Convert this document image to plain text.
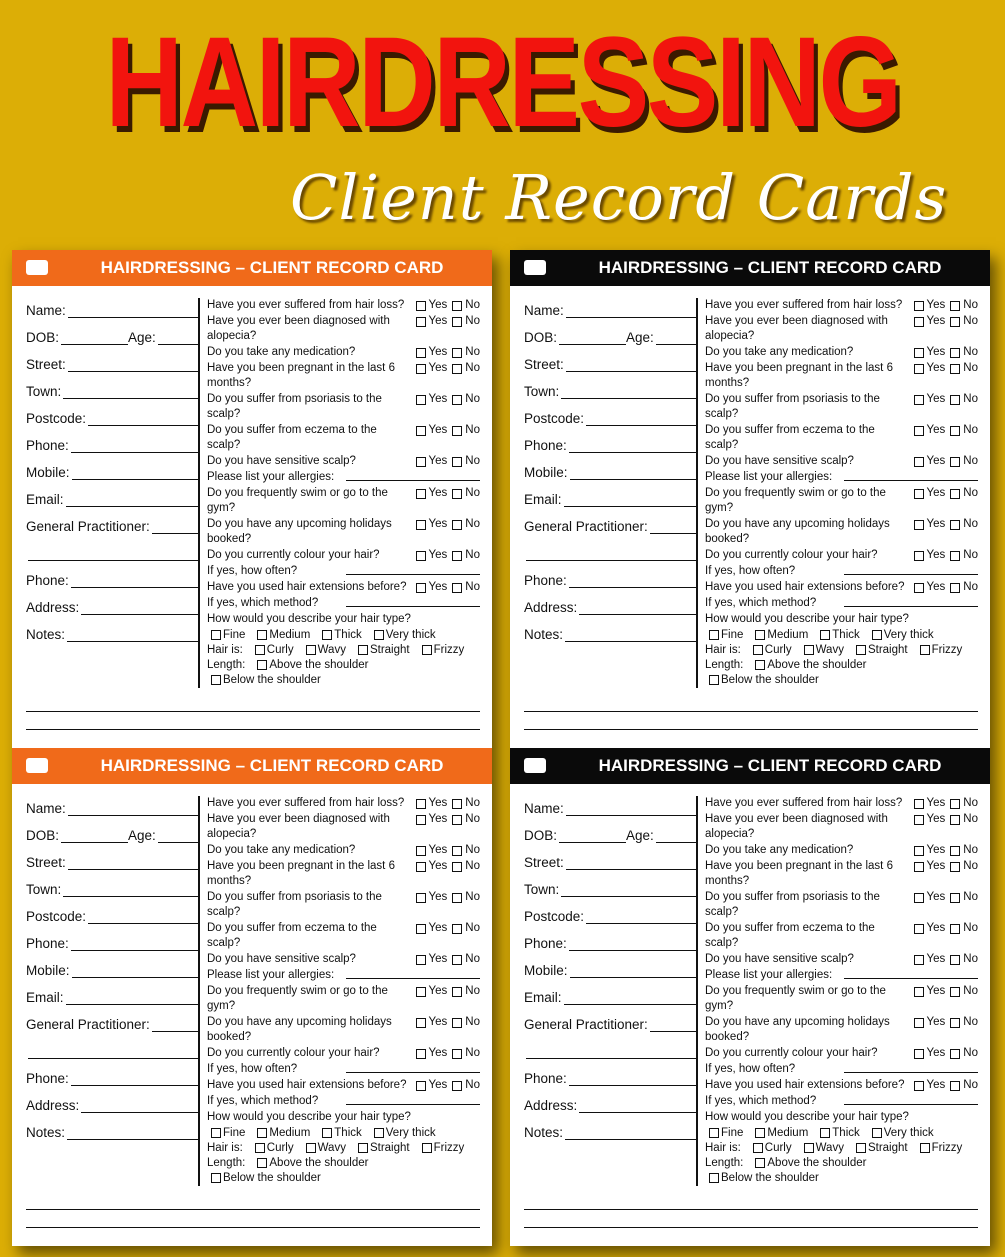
HAIRDRESSING
Client Record Cards
HAIRDRESSING – CLIENT RECORD CARD
Name:
DOB:	Age:
Street:
Town:
Postcode:
Phone:
Mobile:
Email:
General Practitioner:
Phone:
Address:
Notes:
Have you ever suffered from hair loss? Yes No
Have you ever been diagnosed with alopecia?
Yes No
Do you take any medication?	Yes No
Have you been pregnant in the last 6 months?
Yes No
Do you suffer from psoriasis to the scalp?
Yes No
Do you suffer from eczema to the scalp?
Yes No
Do you have sensitive scalp?	Yes No
Please list your allergies:
Do you frequently swim or go to the gym?
Yes No
Do you have any upcoming holidays booked?
Yes No
Do you currently colour your hair?	Yes No
If yes, how often?
Have you used hair extensions before? Yes No
If yes, which method?
How would you describe your hair type?
Fine	Medium	Thick	Very thick
Hair is:	Curly	Wavy	Straight	Frizzy
Length:	Above the shoulder
Below the shoulder
HAIRDRESSING – CLIENT RECORD CARD
Name:
DOB:	Age:
Street:
Town:
Postcode:
Phone:
Mobile:
Email:
General Practitioner:
Phone:
Address:
Notes:
Have you ever suffered from hair loss? Yes No
Have you ever been diagnosed with alopecia?
Yes No
Do you take any medication?	Yes No
Have you been pregnant in the last 6 months?
Yes No
Do you suffer from psoriasis to the scalp?
Yes No
Do you suffer from eczema to the scalp?
Yes No
Do you have sensitive scalp?	Yes No
Please list your allergies:
Do you frequently swim or go to the gym?
Yes No
Do you have any upcoming holidays booked?
Yes No
Do you currently colour your hair?	Yes No
If yes, how often?
Have you used hair extensions before? Yes No
If yes, which method?
How would you describe your hair type?
Fine	Medium	Thick	Very thick
Hair is:	Curly	Wavy	Straight	Frizzy
Length:	Above the shoulder
Below the shoulder
HAIRDRESSING – CLIENT RECORD CARD
Name:
DOB:	Age:
Street:
Town:
Postcode:
Phone:
Mobile:
Email:
General Practitioner:
Phone:
Address:
Notes:
Have you ever suffered from hair loss? Yes No
Have you ever been diagnosed with alopecia?
Yes No
Do you take any medication?	Yes No
Have you been pregnant in the last 6 months?
Yes No
Do you suffer from psoriasis to the scalp?
Yes No
Do you suffer from eczema to the scalp?
Yes No
Do you have sensitive scalp?	Yes No
Please list your allergies:
Do you frequently swim or go to the gym?
Yes No
Do you have any upcoming holidays booked?
Yes No
Do you currently colour your hair?	Yes No
If yes, how often?
Have you used hair extensions before? Yes No
If yes, which method?
How would you describe your hair type?
Fine	Medium	Thick	Very thick
Hair is:	Curly	Wavy	Straight	Frizzy
Length:	Above the shoulder
Below the shoulder
HAIRDRESSING – CLIENT RECORD CARD
Name:
DOB:	Age:
Street:
Town:
Postcode:
Phone:
Mobile:
Email:
General Practitioner:
Phone:
Address:
Notes:
Have you ever suffered from hair loss? Yes No
Have you ever been diagnosed with alopecia?
Yes No
Do you take any medication?	Yes No
Have you been pregnant in the last 6 months?
Yes No
Do you suffer from psoriasis to the scalp?
Yes No
Do you suffer from eczema to the scalp?
Yes No
Do you have sensitive scalp?	Yes No
Please list your allergies:
Do you frequently swim or go to the gym?
Yes No
Do you have any upcoming holidays booked?
Yes No
Do you currently colour your hair?	Yes No
If yes, how often?
Have you used hair extensions before? Yes No
If yes, which method?
How would you describe your hair type?
Fine	Medium	Thick	Very thick
Hair is:	Curly	Wavy	Straight	Frizzy
Length:	Above the shoulder
Below the shoulder
